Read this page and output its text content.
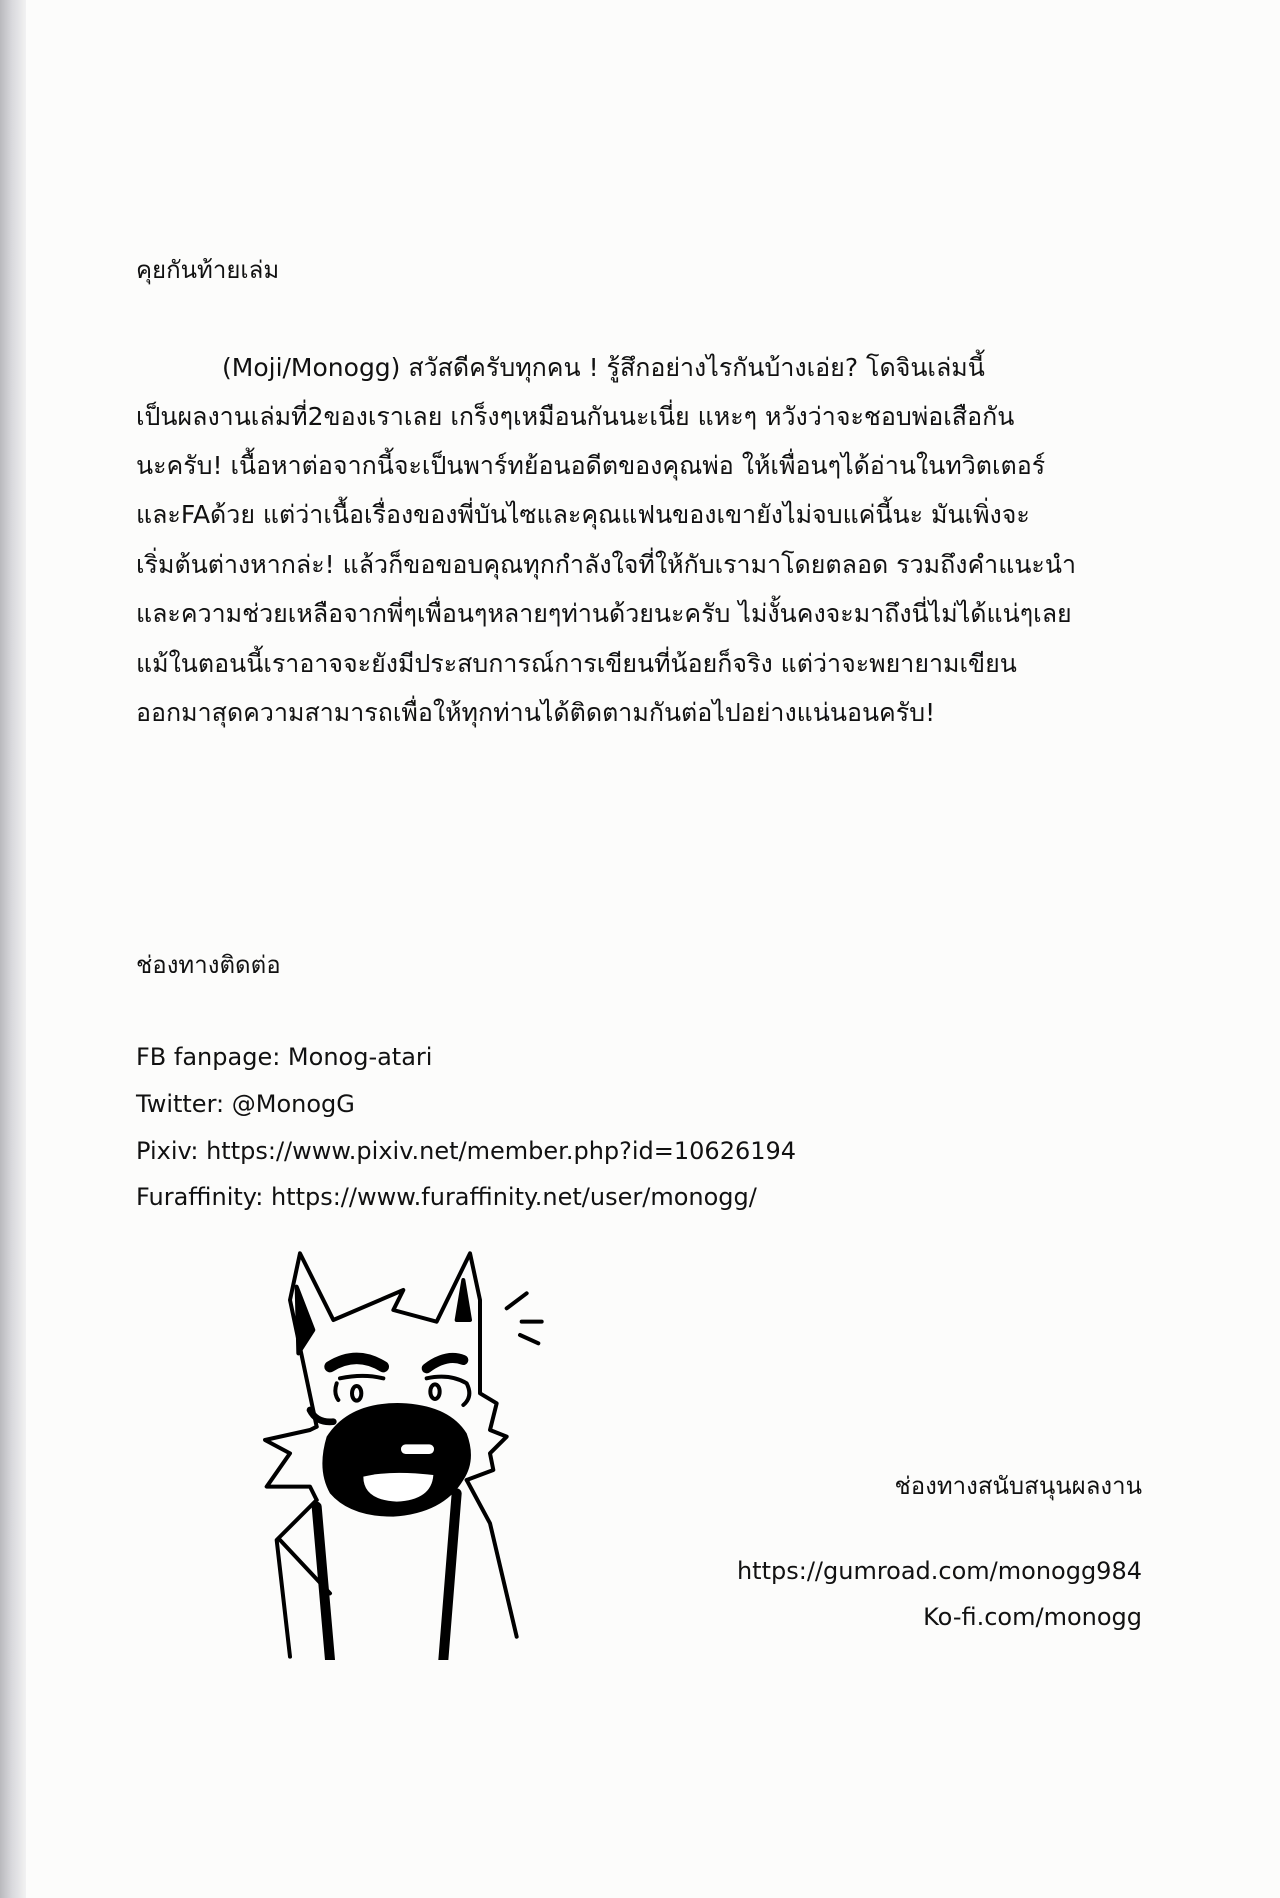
คุยกันท้ายเล่ม
(Moji/Monogg) สวัสดีครับทุกคน ! รู้สึกอย่างไรกันบ้างเอ่ย? โดจินเล่มนี้
เป็นผลงานเล่มที่2ของเราเลย เกร็งๆเหมือนกันนะเนี่ย แหะๆ หวังว่าจะชอบพ่อเสือกัน
นะครับ! เนื้อหาต่อจากนี้จะเป็นพาร์ทย้อนอดีตของคุณพ่อ ให้เพื่อนๆได้อ่านในทวิตเตอร์
และFAด้วย แต่ว่าเนื้อเรื่องของพี่บันไซและคุณแฟนของเขายังไม่จบแค่นี้นะ มันเพิ่งจะ
เริ่มต้นต่างหากล่ะ! แล้วก็ขอขอบคุณทุกกำลังใจที่ให้กับเรามาโดยตลอด รวมถึงคำแนะนำ
และความช่วยเหลือจากพี่ๆเพื่อนๆหลายๆท่านด้วยนะครับ ไม่งั้นคงจะมาถึงนี่ไม่ได้แน่ๆเลย
แม้ในตอนนี้เราอาจจะยังมีประสบการณ์การเขียนที่น้อยก็จริง แต่ว่าจะพยายามเขียน
ออกมาสุดความสามารถเพื่อให้ทุกท่านได้ติดตามกันต่อไปอย่างแน่นอนครับ!
ช่องทางติดต่อ
FB fanpage: Monog-atari
Twitter: @MonogG
Pixiv: https://www.pixiv.net/member.php?id=10626194
Furaffinity: https://www.furaffinity.net/user/monogg/
ช่องทางสนับสนุนผลงาน
https://gumroad.com/monogg984
Ko-fi.com/monogg
